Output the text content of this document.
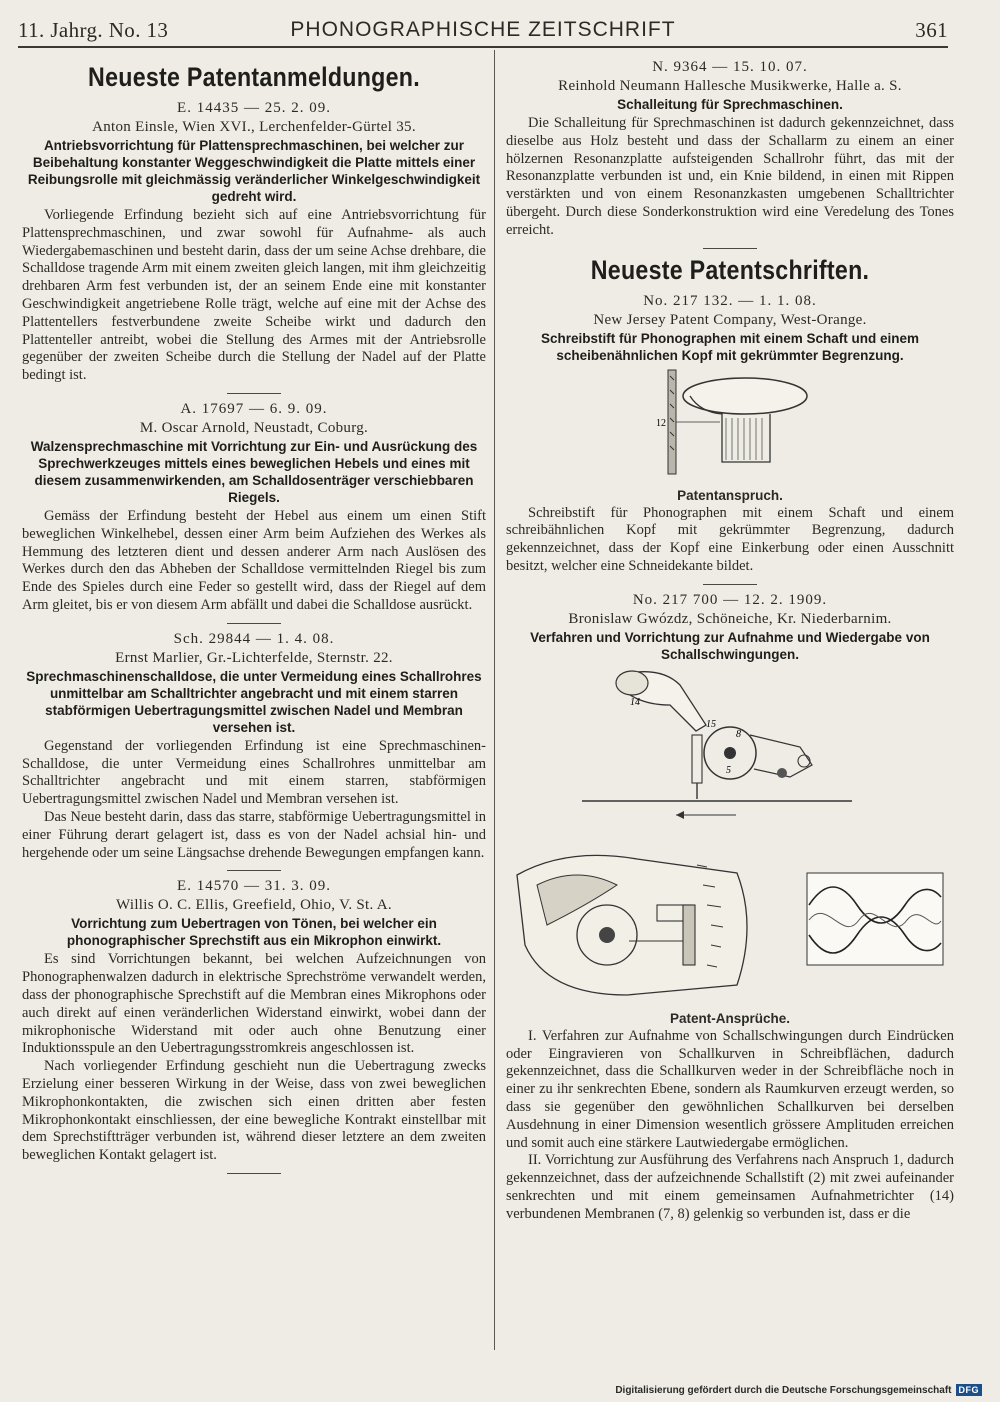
11. Jahrg. No. 13	PHONOGRAPHISCHE ZEITSCHRIFT	361
Neueste Patentanmeldungen.
E. 14435 — 25. 2. 09.
Anton Einsle, Wien XVI., Lerchenfelder-Gürtel 35.
Antriebsvorrichtung für Plattensprechmaschinen, bei welcher zur Beibehaltung konstanter Weggeschwindigkeit die Platte mittels einer Reibungsrolle mit gleichmässig veränderlicher Winkelgeschwindigkeit gedreht wird.

Vorliegende Erfindung bezieht sich auf eine Antriebsvorrichtung für Plattensprechmaschinen, und zwar sowohl für Aufnahme- als auch Wiedergabemaschinen und besteht darin, dass der um seine Achse drehbare, die Schalldose tragende Arm mit einem zweiten gleich langen, mit ihm gleichzeitig drehbaren Arm fest verbunden ist, der an seinem Ende eine mit konstanter Geschwindigkeit angetriebene Rolle trägt, welche auf eine mit der Achse des Plattentellers festverbundene zweite Scheibe wirkt und dadurch den Plattenteller antreibt, wobei die Stellung des Armes mit der Antriebsrolle gegenüber der zweiten Scheibe durch die Stellung der Nadel auf der Platte bedingt ist.

A. 17697 — 6. 9. 09.
M. Oscar Arnold, Neustadt, Coburg.
Walzensprechmaschine mit Vorrichtung zur Ein- und Ausrückung des Sprechwerkzeuges mittels eines beweglichen Hebels und eines mit diesem zusammenwirkenden, am Schalldosenträger verschiebbaren Riegels.

Gemäss der Erfindung besteht der Hebel aus einem um einen Stift beweglichen Winkelhebel, dessen einer Arm beim Aufziehen des Werkes als Hemmung des letzteren dient und dessen anderer Arm nach Auslösen des Werkes durch den das Abheben der Schalldose vermittelnden Riegel bis zum Ende des Spieles durch eine Feder so gestellt wird, dass der Riegel auf dem Arm gleitet, bis er von diesem Arm abfällt und dabei die Schalldose ausrückt.

Sch. 29844 — 1. 4. 08.
Ernst Marlier, Gr.-Lichterfelde, Sternstr. 22.
Sprechmaschinenschalldose, die unter Vermeidung eines Schallrohres unmittelbar am Schalltrichter angebracht und mit einem starren stabförmigen Uebertragungsmittel zwischen Nadel und Membran versehen ist.

Gegenstand der vorliegenden Erfindung ist eine Sprechmaschinen-Schalldose, die unter Vermeidung eines Schallrohres unmittelbar am Schalltrichter angebracht und mit einem starren, stabförmigen Uebertragungsmittel zwischen Nadel und Membran versehen ist.

Das Neue besteht darin, dass das starre, stabförmige Uebertragungsmittel in einer Führung derart gelagert ist, dass es von der Nadel achsial hin- und hergehende oder um seine Längsachse drehende Bewegungen empfangen kann.

E. 14570 — 31. 3. 09.
Willis O. C. Ellis, Greefield, Ohio, V. St. A.
Vorrichtung zum Uebertragen von Tönen, bei welcher ein phonographischer Sprechstift aus ein Mikrophon einwirkt.

Es sind Vorrichtungen bekannt, bei welchen Aufzeichnungen von Phonographenwalzen dadurch in elektrische Sprechströme verwandelt werden, dass der phonographische Sprechstift auf die Membran eines Mikrophons oder auch direkt auf einen veränderlichen Widerstand einwirkt, wobei dann der mikrophonische Widerstand mit oder auch ohne Benutzung einer Induktionsspule an den Uebertragungsstromkreis angeschlossen ist.

Nach vorliegender Erfindung geschieht nun die Uebertragung zwecks Erzielung einer besseren Wirkung in der Weise, dass von zwei beweglichen Mikrophonkontakten, die zwischen sich einen dritten aber festen Mikrophonkontakt einschliessen, der eine bewegliche Kontrakt einstellbar mit dem Sprechstiftträger verbunden ist, während dieser letztere an dem zweiten beweglichen Kontakt gelagert ist.

N. 9364 — 15. 10. 07.
Reinhold Neumann Hallesche Musikwerke, Halle a. S.
Schalleitung für Sprechmaschinen.

Die Schalleitung für Sprechmaschinen ist dadurch gekennzeichnet, dass dieselbe aus Holz besteht und dass der Schallarm zu einem an einer hölzernen Resonanzplatte aufsteigenden Schallrohr führt, das mit der Resonanzplatte verbunden ist und, ein Knie bildend, in einen mit Rippen verstärkten und von einem Resonanzkasten umgebenen Schalltrichter übergeht. Durch diese Sonderkonstruktion wird eine Veredelung des Tones erreicht.

Neueste Patentschriften.
No. 217 132. — 1. 1. 08.
New Jersey Patent Company, West-Orange.
Schreibstift für Phonographen mit einem Schaft und einem scheibenähnlichen Kopf mit gekrümmter Begrenzung.
12
Patentanspruch.

Schreibstift für Phonographen mit einem Schaft und einem schreibähnlichen Kopf mit gekrümmter Begrenzung, dadurch gekennzeichnet, dass der Kopf eine Einkerbung oder einen Ausschnitt besitzt, welcher eine Schneidekante bildet.

No. 217 700 — 12. 2. 1909.
Bronislaw Gwózdz, Schöneiche, Kr. Niederbarnim.
Verfahren und Vorrichtung zur Aufnahme und Wiedergabe von Schallschwingungen.
14
8
5
15
Patent-Ansprüche.

I. Verfahren zur Aufnahme von Schallschwingungen durch Eindrücken oder Eingravieren von Schallkurven in Schreibflächen, dadurch gekennzeichnet, dass die Schallkurven weder in der Schreibfläche noch in einer zu ihr senkrechten Ebene, sondern als Raumkurven erzeugt werden, so dass sie gegenüber den gewöhnlichen Schallkurven bei derselben Ausdehnung in einer Dimension wesentlich grössere Amplituden erreichen und somit auch eine stärkere Lautwiedergabe ermöglichen.

II. Vorrichtung zur Ausführung des Verfahrens nach Anspruch 1, dadurch gekennzeichnet, dass der aufzeichnende Schallstift (2) mit zwei aufeinander senkrechten und mit einem gemeinsamen Aufnahmetrichter (14) verbundenen Membranen (7, 8) gelenkig so verbunden ist, dass er die

Digitalisierung gefördert durch die Deutsche Forschungsgemeinschaft DFG
